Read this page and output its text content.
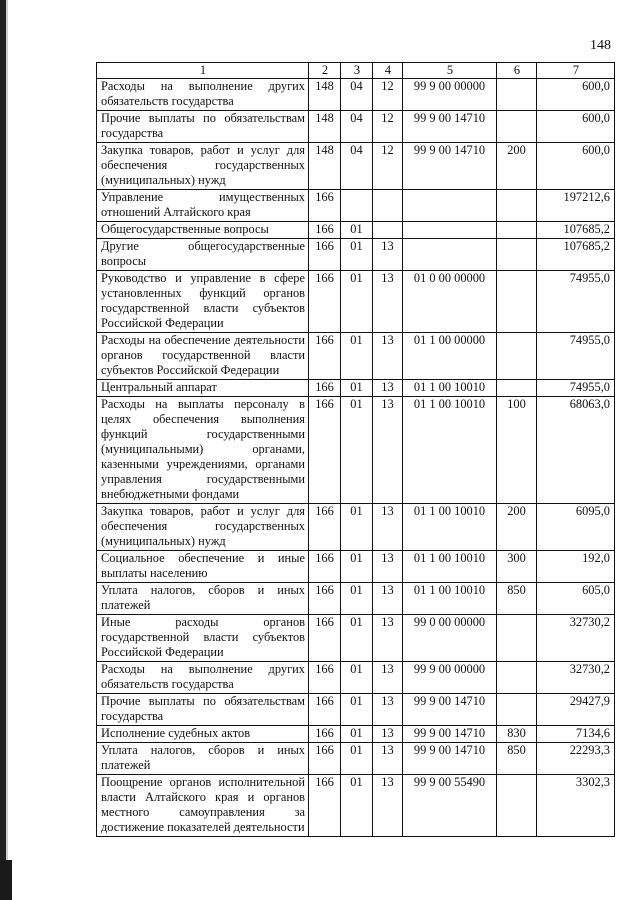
148
1	2	3	4	5	6	7
Расходы на выполнение других обязательств государства	148	04	12	99 9 00 00000		600,0
Прочие выплаты по обязательствам государства	148	04	12	99 9 00 14710		600,0
Закупка товаров, работ и услуг для обеспечения государственных (муниципальных) нужд	148	04	12	99 9 00 14710	200	600,0
Управление имущественных отношений Алтайского края	166					197212,6
Общегосударственные вопросы	166	01				107685,2
Другие общегосударственные вопросы	166	01	13			107685,2
Руководство и управление в сфере установленных функций органов государственной власти субъектов Российской Федерации	166	01	13	01 0 00 00000		74955,0
Расходы на обеспечение деятельности органов государственной власти субъектов Российской Федерации	166	01	13	01 1 00 00000		74955,0
Центральный аппарат	166	01	13	01 1 00 10010		74955,0
Расходы на выплаты персоналу в целях обеспечения выполнения функций государственными (муниципальными) органами, казенными учреждениями, органами управления государственными внебюджетными фондами	166	01	13	01 1 00 10010	100	68063,0
Закупка товаров, работ и услуг для обеспечения государственных (муниципальных) нужд	166	01	13	01 1 00 10010	200	6095,0
Социальное обеспечение и иные выплаты населению	166	01	13	01 1 00 10010	300	192,0
Уплата налогов, сборов и иных платежей	166	01	13	01 1 00 10010	850	605,0
Иные расходы органов государственной власти субъектов Российской Федерации	166	01	13	99 0 00 00000		32730,2
Расходы на выполнение других обязательств государства	166	01	13	99 9 00 00000		32730,2
Прочие выплаты по обязательствам государства	166	01	13	99 9 00 14710		29427,9
Исполнение судебных актов	166	01	13	99 9 00 14710	830	7134,6
Уплата налогов, сборов и иных платежей	166	01	13	99 9 00 14710	850	22293,3
Поощрение органов исполнительной власти Алтайского края и органов местного самоуправления за достижение показателей деятельности	166	01	13	99 9 00 55490		3302,3
